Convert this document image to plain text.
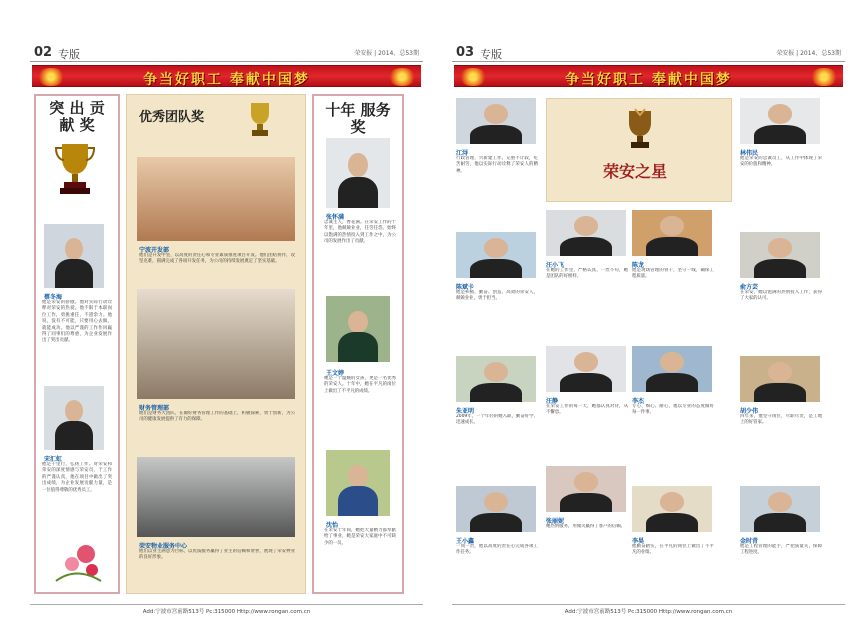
02 专版	荣安报 | 2014、总53期
争当好职工 奉献中国梦
突 出 贡 献 奖
蔡冬海
他是荣安的骄傲。他对实际行动诠释对荣安的热爱。他不限于本职岗位工作，勇挑重任，不遗余力。他说，没有不可能，只要用心去做，就能成功。他以严谨的工作作风赢得了同事们的尊重，为企业发展作出了突出贡献。
宋汇虹
他是千里行，弘扬工作。对荣安和荣安的深度情感与荣安员，于工作的严谨认真，他在项目中做出了突出成绩，为企业发展贡献力量，是一位值得尊敬的优秀员工。
优秀团队奖
宁波开发部
他们是开发中坚，以高度的责任心和专业素质推进项目开发。他们团结协作，攻坚克难，圆满完成了各项开发任务，为公司的持续发展奠定了坚实基础。
财务管理部
他们是财务大团队，在做好财务管理工作的基础上，积极探索，勇于创新，为公司的健康发展提供了有力的保障。
荣安物业服务中心
他们以业主满意为目标，以优质服务赢得了业主的信赖和赞誉，展现了荣安物业的良好形象。
十年 服务奖
张怀满
忠诚主人，香花满。在荣安工作的十年里，他兢兢业业，任劳任怨，始终以饱满的热情投入到工作之中，为公司的发展作出了贡献。
王文婷
她是一个温婉的女孩，更是一名优秀的荣安人。十年中，她在平凡的岗位上做出了不平凡的成绩。
沈怡
在荣安十年间，她把大量精力都奉献给了事业，她是荣安大家庭中不可缺少的一员。
Add:宁波市宫前路513号 Pc:315000 Http://www.rongan.com.cn
03 专版	荣安报 | 2014、总53期
争当好职工 奉献中国梦
荣安之星
江浔
行政管理，兴新建工作。记重不计较，吃苦耐劳，他以实际行动诠释了荣安人的精神。
林伟民
他是荣安的忠诚员工，从工作中体现了荣安的价值和精神。
陈斌卡
他是积极、勤奋、创造、高效的荣安人，兢兢业业，勇于担当。
汪小飞
在她的工作里，严格认真、一丝不苟，她是团队的好榜样。
陈龙
他是现场管理的骨干，坚守一线，确保工程质量。
俞方芸
在荣安，她以饱满的热情投入工作，获得了大家的认可。
朱亚明
2009年，一个年轻的她入职，勤奋好学，迅速成长。
汪静
在荣安工作的每一天，她都认真对待，从不懈怠。
李杰
专心、细心、耐心，他以专业的态度做好每一件事。	胡少伟
四年来，他坚守岗位，尽职尽责，是工地上的好管家。
王小鑫
一岗一责，他以高度的责任心完成各项工作任务。
张丽妮
她热情服务，用微笑赢得了客户的信赖。
李昊
他勤奋踏实，在平凡的岗位上做出了不平凡的业绩。
金时青
他是工程管理的能手，严把质量关，保障工程进度。
Add:宁波市宫前路513号 Pc:315000 Http://www.rongan.com.cn
